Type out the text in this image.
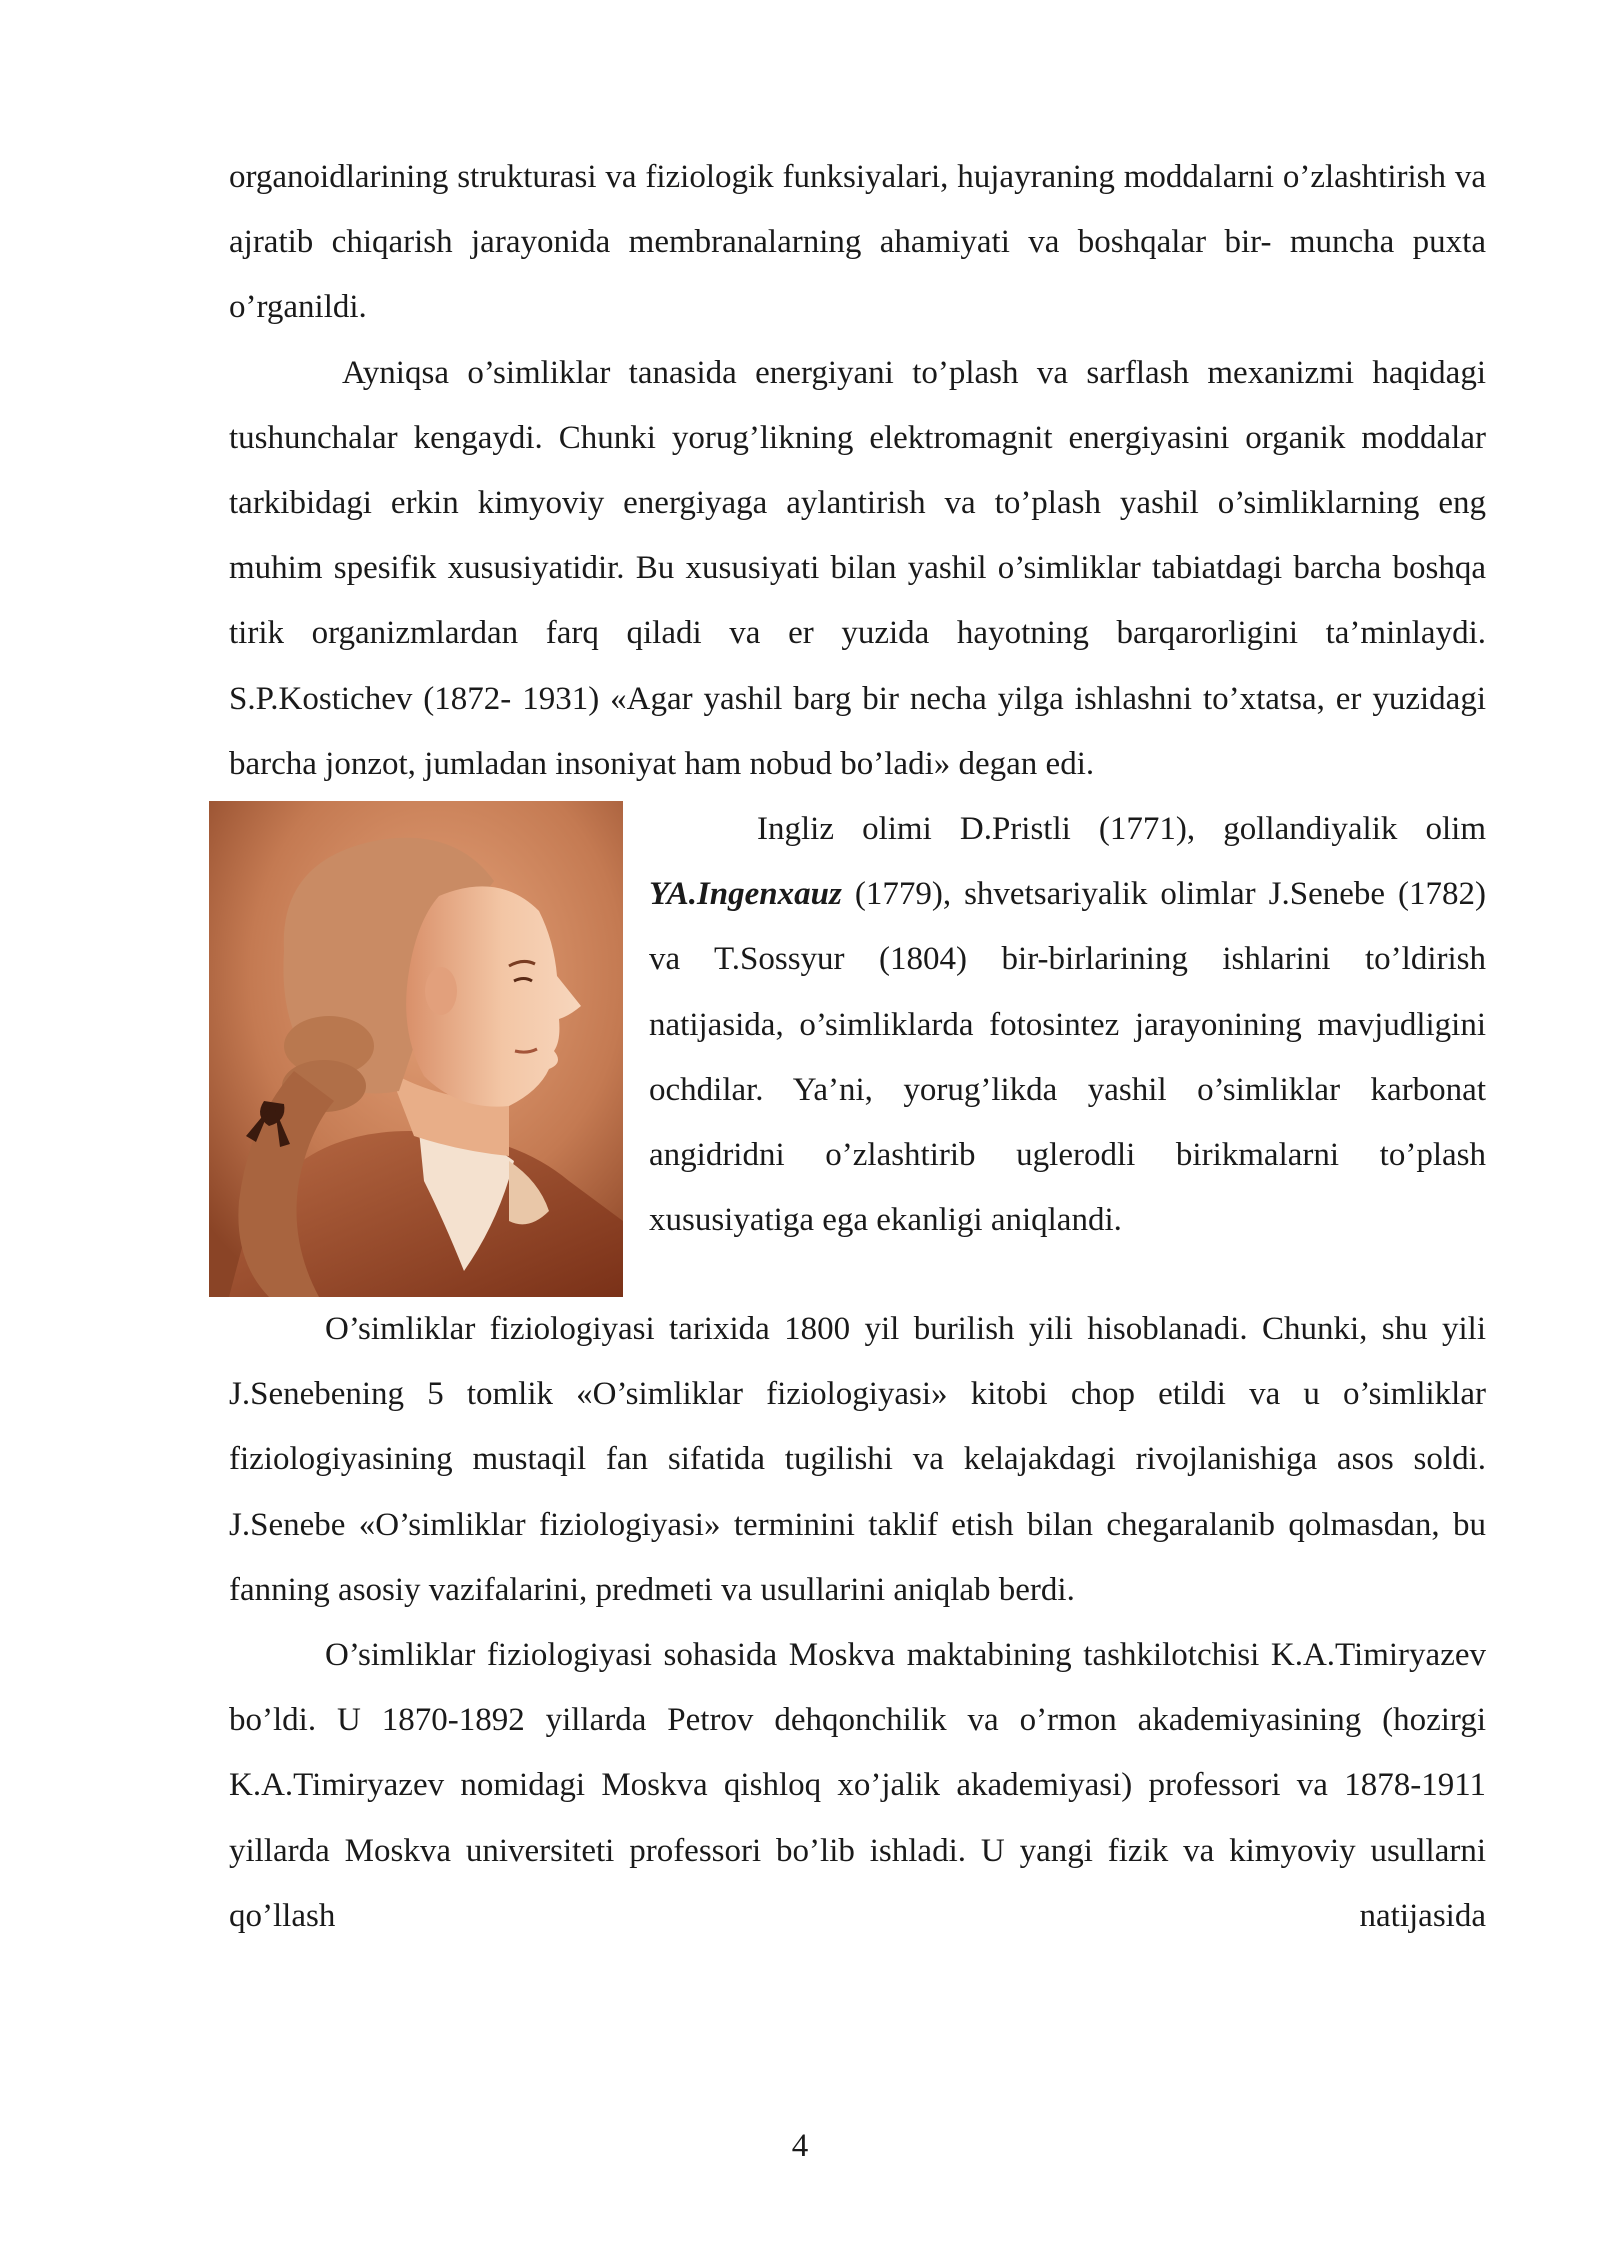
organoidlarining strukturasi va fiziologik funksiyalari, hujayraning moddalarni o’zlashtirish va ajratib chiqarish jarayonida membranalarning ahamiyati va boshqalar bir- muncha puxta o’rganildi.

Ayniqsa o’simliklar tanasida energiyani to’plash va sarflash mexanizmi haqidagi tushunchalar kengaydi. Chunki yorug’likning elektromagnit energiyasini organik moddalar tarkibidagi erkin kimyoviy energiyaga aylantirish va to’plash yashil o’simliklarning eng muhim spesifik xususiyatidir. Bu xususiyati bilan yashil o’simliklar tabiatdagi barcha boshqa tirik organizmlardan farq qiladi va er yuzida hayotning barqarorligini ta’minlaydi. S.P.Kostichev (1872- 1931) «Agar yashil barg bir necha yilga ishlashni to’xtatsa, er yuzidagi barcha jonzot, jumladan insoniyat ham nobud bo’ladi» degan edi.

Ingliz olimi D.Pristli (1771), gollandiyalik olim YA.Ingenxauz (1779), shvetsariyalik olimlar J.Senebe (1782) va T.Sossyur (1804) bir-birlarining ishlarini to’ldirish natijasida, o’simliklarda fotosintez jarayonining mavjudligini ochdilar. Ya’ni, yorug’likda yashil o’simliklar karbonat angidridni o’zlashtirib uglerodli birikmalarni to’plash xususiyatiga ega ekanligi aniqlandi.

O’simliklar fiziologiyasi tarixida 1800 yil burilish yili hisoblanadi. Chunki, shu yili J.Senebening 5 tomlik «O’simliklar fiziologiyasi» kitobi chop etildi va u o’simliklar fiziologiyasining mustaqil fan sifatida tugilishi va kelajakdagi rivojlanishiga asos soldi. J.Senebe «O’simliklar fiziologiyasi» terminini taklif etish bilan chegaralanib qolmasdan, bu fanning asosiy vazifalarini, predmeti va usullarini aniqlab berdi.

O’simliklar fiziologiyasi sohasida Moskva maktabining tashkilotchisi K.A.Timiryazev bo’ldi. U 1870-1892 yillarda Petrov dehqonchilik va o’rmon akademiyasining (hozirgi K.A.Timiryazev nomidagi Moskva qishloq xo’jalik akademiyasi) professori va 1878-1911 yillarda Moskva universiteti professori bo’lib ishladi. U yangi fizik va kimyoviy usullarni qo’llash natijasida

4
